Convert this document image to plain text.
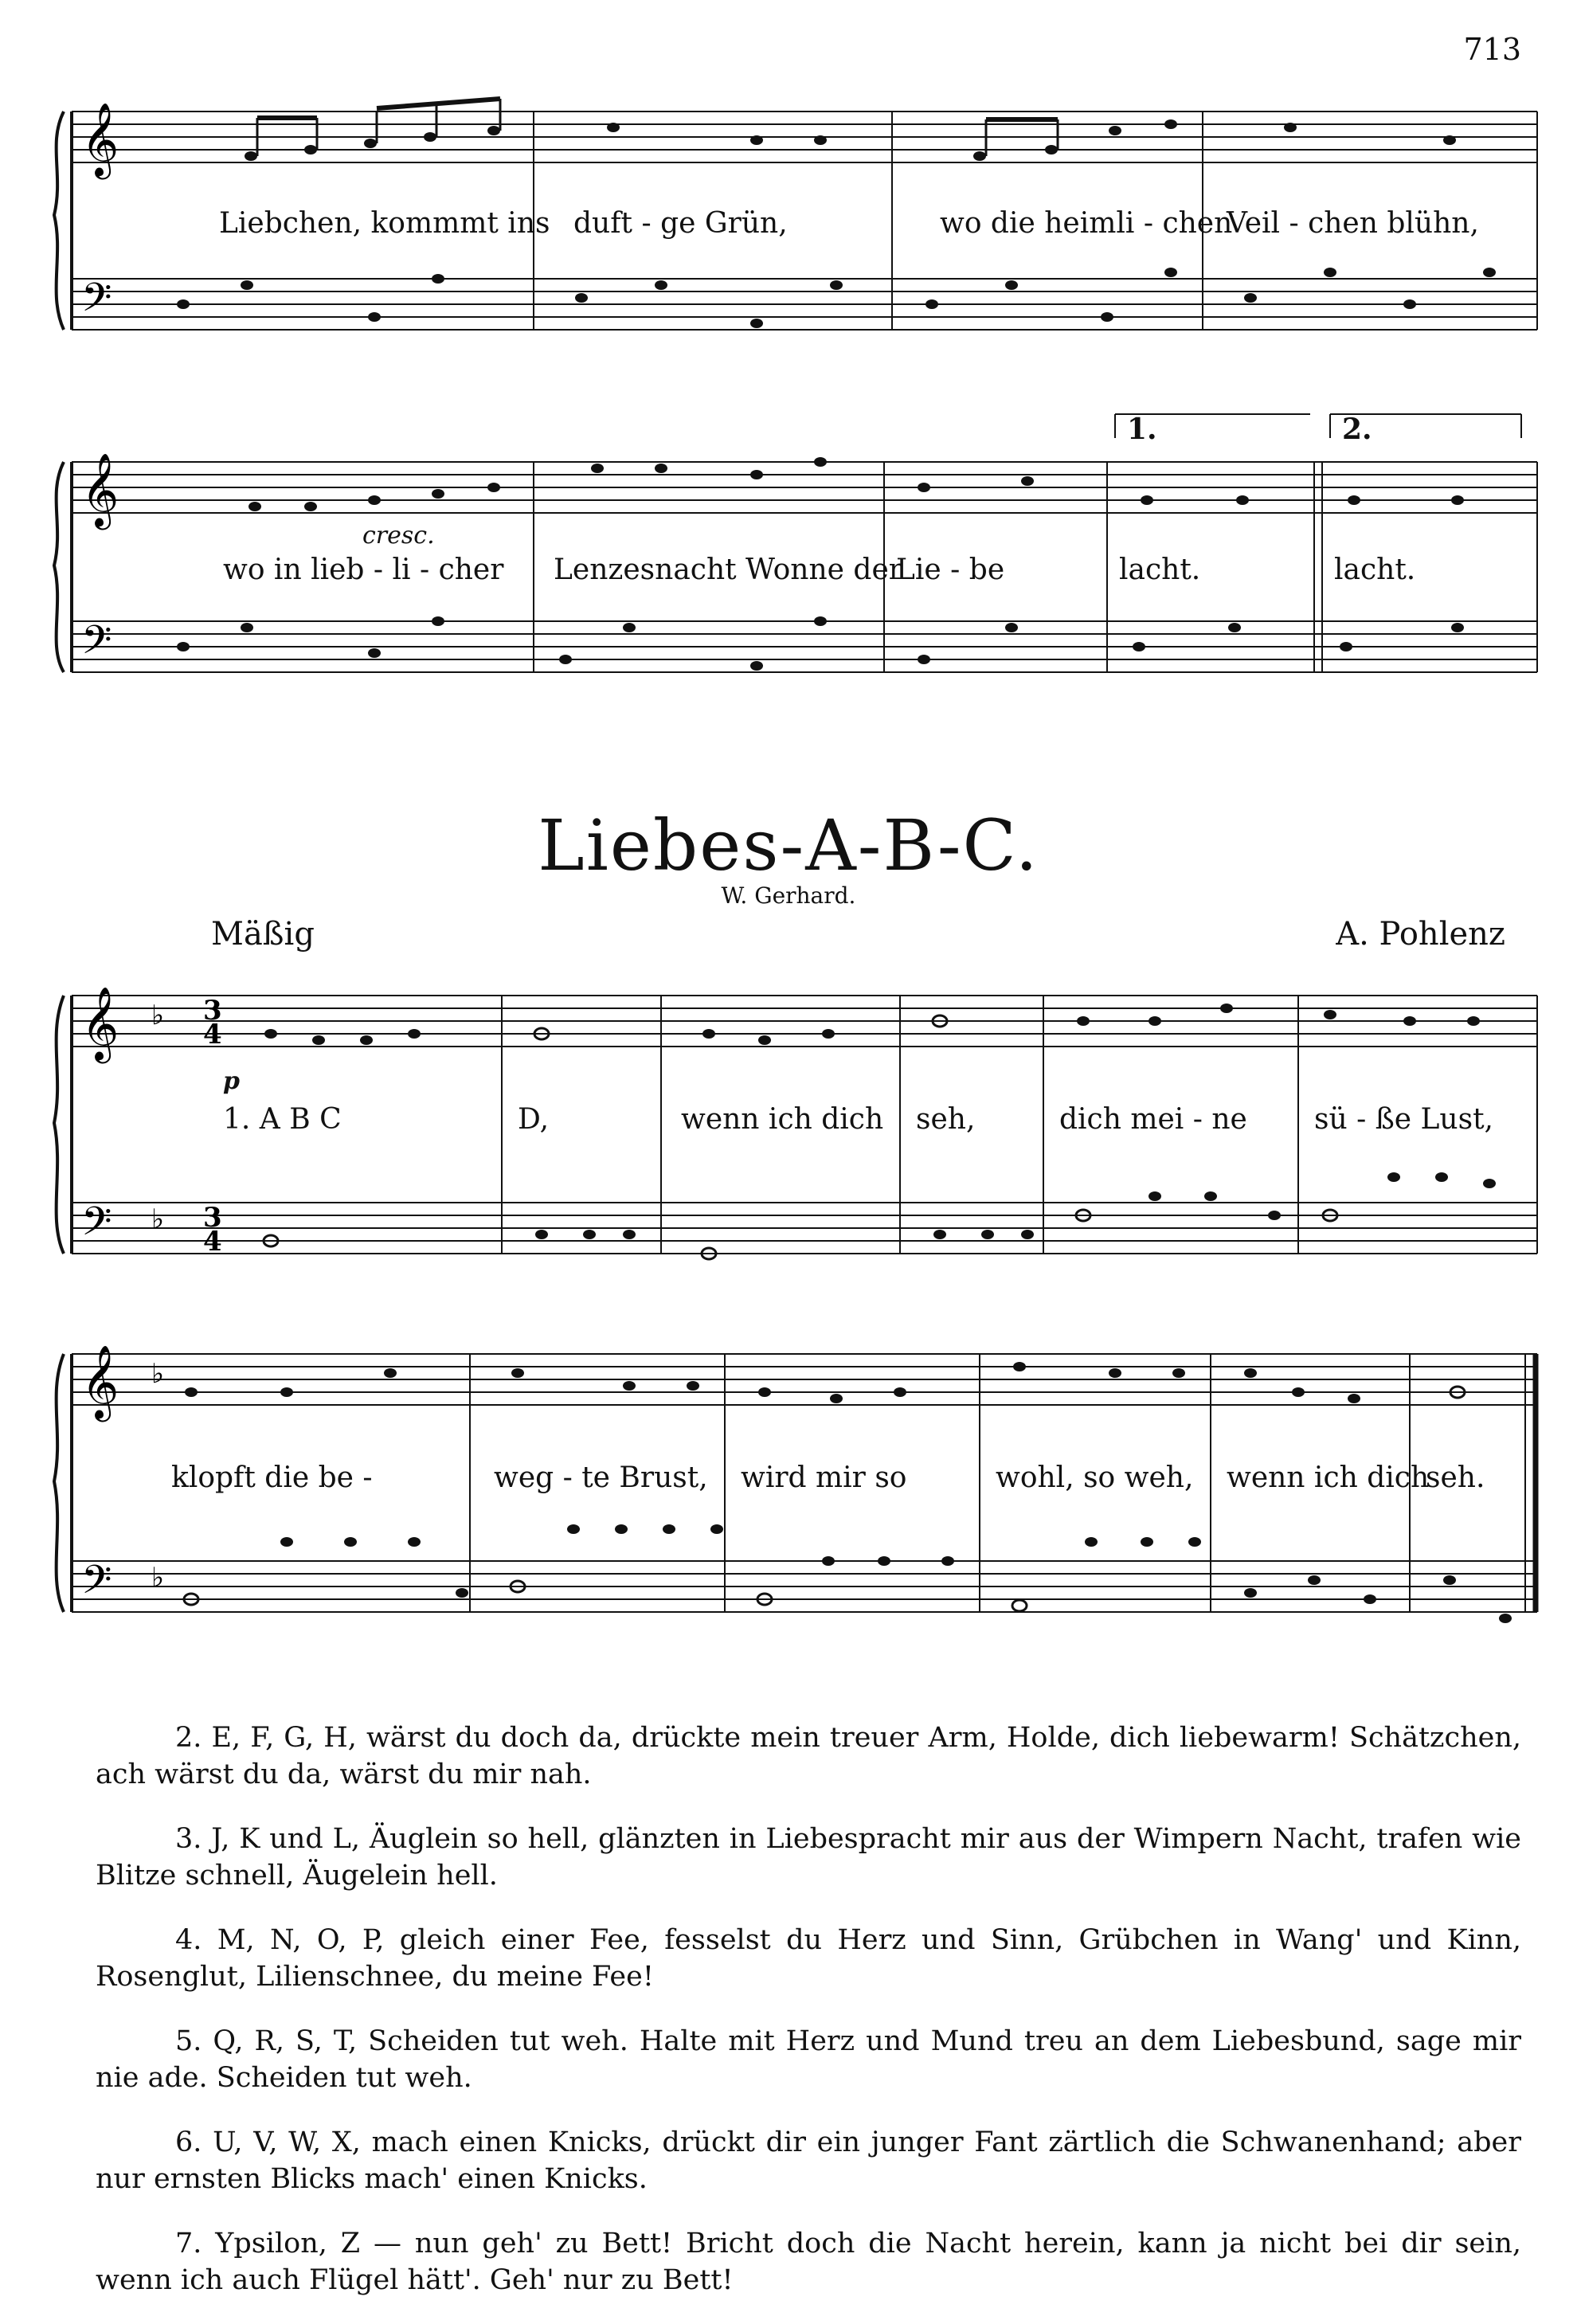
713
𝄞
𝄢
Liebchen, kommmt ins duft - ge Grün,	wo die heimli - chen
Veil - chen blühn,
𝄞
𝄢
1.	2.
cresc.
wo in lieb - li - cher Lenzesnacht Wonne der
Lie - be	lacht.	lacht.
Liebes-A-B-C.
W. Gerhard.
Mäßig	A. Pohlenz
𝄞
𝄢
♭
♭
3
4
3
4
p
1. A B C	D,	wenn ich dich seh,	dich mei - ne sü - ße Lust,
𝄞
𝄢
♭
♭
klopft die be -	weg - te Brust, wird mir so	wohl, so weh, wenn ich dich
seh.

2. E, F, G, H, wärst du doch da, drückte mein treuer Arm, Holde, dich liebewarm! Schätzchen, ach wärst du da, wärst du mir nah.

3. J, K und L, Äuglein so hell, glänzten in Liebespracht mir aus der Wimpern Nacht, trafen wie Blitze schnell, Äugelein hell.

4. M, N, O, P, gleich einer Fee, fesselst du Herz und Sinn, Grübchen in Wang' und Kinn, Rosenglut, Lilienschnee, du meine Fee!

5. Q, R, S, T, Scheiden tut weh. Halte mit Herz und Mund treu an dem Liebesbund, sage mir nie ade. Scheiden tut weh.

6. U, V, W, X, mach einen Knicks, drückt dir ein junger Fant zärtlich die Schwanenhand; aber nur ernsten Blicks mach' einen Knicks.

7. Ypsilon, Z — nun geh' zu Bett! Bricht doch die Nacht herein, kann ja nicht bei dir sein, wenn ich auch Flügel hätt'. Geh' nur zu Bett!
